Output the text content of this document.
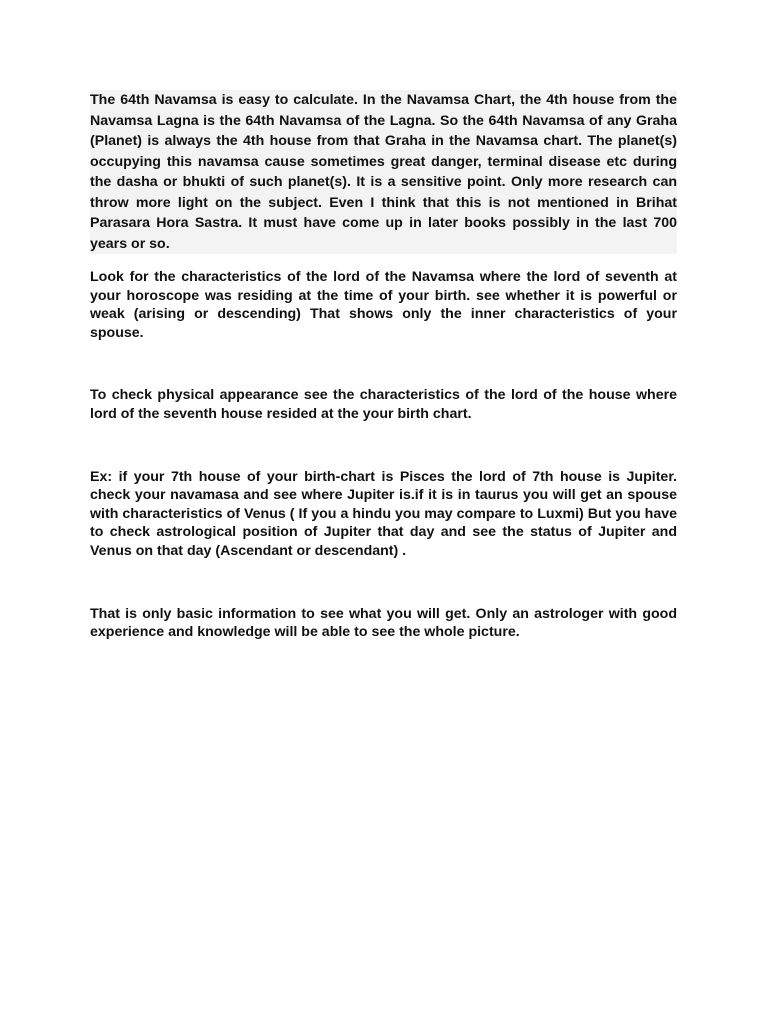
The 64th Navamsa is easy to calculate. In the Navamsa Chart, the 4th house from the Navamsa Lagna is the 64th Navamsa of the Lagna. So the 64th Navamsa of any Graha (Planet) is always the 4th house from that Graha in the Navamsa chart. The planet(s) occupying this navamsa cause sometimes great danger, terminal disease etc during the dasha or bhukti of such planet(s). It is a sensitive point. Only more research can throw more light on the subject. Even I think that this is not mentioned in Brihat Parasara Hora Sastra. It must have come up in later books possibly in the last 700 years or so.

Look for the characteristics of the lord of the Navamsa where the lord of seventh at your horoscope was residing at the time of your birth. see whether it is powerful or weak (arising or descending) That shows only the inner characteristics of your spouse.

To check physical appearance see the characteristics of the lord of the house where lord of the seventh house resided at the your birth chart.

Ex: if your 7th house of your birth-chart is Pisces the lord of 7th house is Jupiter. check your navamasa and see where Jupiter is.if it is in taurus you will get an spouse with characteristics of Venus ( If you a hindu you may compare to Luxmi) But you have to check astrological position of Jupiter that day and see the status of Jupiter and Venus on that day (Ascendant or descendant) .

That is only basic information to see what you will get. Only an astrologer with good experience and knowledge will be able to see the whole picture.
